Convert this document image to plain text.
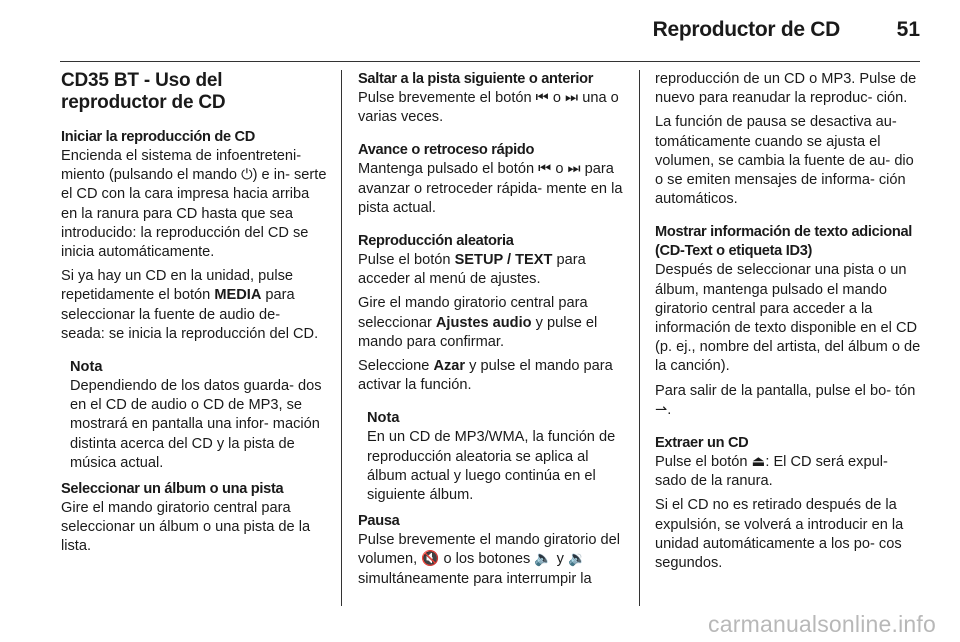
Reproductor de CD	51
CD35 BT - Uso del reproductor de CD
Iniciar la reproducción de CD

Encienda el sistema de infoentreteni- miento (pulsando el mando ⏻) e in- serte el CD con la cara impresa hacia arriba en la ranura para CD hasta que sea introducido: la reproducción del CD se inicia automáticamente.

Si ya hay un CD en la unidad, pulse repetidamente el botón MEDIA para seleccionar la fuente de audio de- seada: se inicia la reproducción del CD.

Nota

Dependiendo de los datos guarda- dos en el CD de audio o CD de MP3, se mostrará en pantalla una infor- mación distinta acerca del CD y la pista de música actual.

Seleccionar un álbum o una pista

Gire el mando giratorio central para seleccionar un álbum o una pista de la lista.

Saltar a la pista siguiente o anterior

Pulse brevemente el botón ⏮ o ⏭ una o varias veces.

Avance o retroceso rápido

Mantenga pulsado el botón ⏮ o ⏭ para avanzar o retroceder rápida- mente en la pista actual.

Reproducción aleatoria

Pulse el botón SETUP / TEXT para acceder al menú de ajustes.

Gire el mando giratorio central para seleccionar Ajustes audio y pulse el mando para confirmar.

Seleccione Azar y pulse el mando para activar la función.

Nota

En un CD de MP3/WMA, la función de reproducción aleatoria se aplica al álbum actual y luego continúa en el siguiente álbum.

Pausa

Pulse brevemente el mando giratorio del volumen, 🔇 o los botones 🔈 y 🔉 simultáneamente para interrumpir la

reproducción de un CD o MP3. Pulse de nuevo para reanudar la reproduc- ción.

La función de pausa se desactiva au- tomáticamente cuando se ajusta el volumen, se cambia la fuente de au- dio o se emiten mensajes de informa- ción automáticos.

Mostrar información de texto adicional (CD-Text o etiqueta ID3)

Después de seleccionar una pista o un álbum, mantenga pulsado el mando giratorio central para acceder a la información de texto disponible en el CD (p. ej., nombre del artista, del álbum o de la canción).

Para salir de la pantalla, pulse el bo- tón ⇀.

Extraer un CD

Pulse el botón ⏏: El CD será expul- sado de la ranura.

Si el CD no es retirado después de la expulsión, se volverá a introducir en la unidad automáticamente a los po- cos segundos.

carmanualsonline.info
